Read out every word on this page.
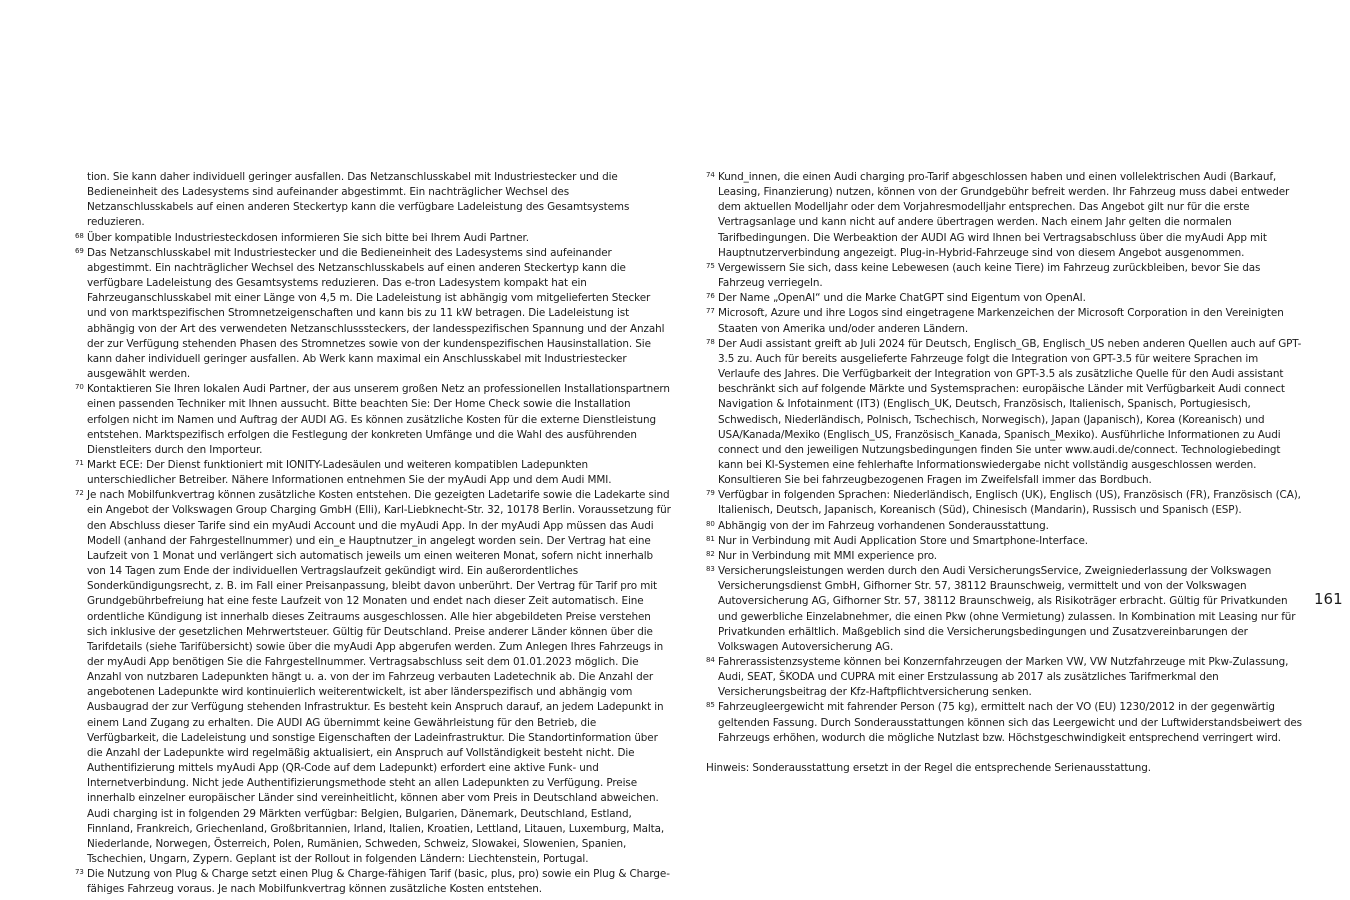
tion. Sie kann daher individuell geringer ausfallen. Das Netzanschlusskabel mit Industriestecker und die Bedieneinheit des Ladesystems sind aufeinander abgestimmt. Ein nachträglicher Wechsel des Netzanschlusskabels auf einen anderen Steckertyp kann die verfügbare Ladeleistung des Gesamtsystems reduzieren.
68 Über kompatible Industriesteckdosen informieren Sie sich bitte bei Ihrem Audi Partner.
69 Das Netzanschlusskabel mit Industriestecker und die Bedieneinheit des Ladesystems sind aufeinander abgestimmt. Ein nachträglicher Wechsel des Netzanschlusskabels auf einen anderen Steckertyp kann die verfügbare Ladeleistung des Gesamtsystems reduzieren. Das e-tron Ladesystem kompakt hat ein Fahrzeuganschlusskabel mit einer Länge von 4,5 m. Die Ladeleistung ist abhängig vom mitgelieferten Stecker und von marktspezifischen Stromnetzeigenschaften und kann bis zu 11 kW betragen. Die Ladeleistung ist abhängig von der Art des verwendeten Netzanschlusssteckers, der landesspezifischen Spannung und der Anzahl der zur Verfügung stehenden Phasen des Stromnetzes sowie von der kundenspezifischen Hausinstallation. Sie kann daher individuell geringer ausfallen. Ab Werk kann maximal ein Anschlusskabel mit Industriestecker ausgewählt werden.
70 Kontaktieren Sie Ihren lokalen Audi Partner, der aus unserem großen Netz an professionellen Installationspartnern einen passenden Techniker mit Ihnen aussucht. Bitte beachten Sie: Der Home Check sowie die Installation erfolgen nicht im Namen und Auftrag der AUDI AG. Es können zusätzliche Kosten für die externe Dienstleistung entstehen. Marktspezifisch erfolgen die Festlegung der konkreten Umfänge und die Wahl des ausführenden Dienstleiters durch den Importeur.
71 Markt ECE: Der Dienst funktioniert mit IONITY-Ladesäulen und weiteren kompatiblen Ladepunkten unterschiedlicher Betreiber. Nähere Informationen entnehmen Sie der myAudi App und dem Audi MMI.
72 Je nach Mobilfunkvertrag können zusätzliche Kosten entstehen. Die gezeigten Ladetarife sowie die Ladekarte sind ein Angebot der Volkswagen Group Charging GmbH (Elli), Karl-Liebknecht-Str. 32, 10178 Berlin. Voraussetzung für den Abschluss dieser Tarife sind ein myAudi Account und die myAudi App. In der myAudi App müssen das Audi Modell (anhand der Fahrgestellnummer) und ein_e Hauptnutzer_in angelegt worden sein. Der Vertrag hat eine Laufzeit von 1 Monat und verlängert sich automatisch jeweils um einen weiteren Monat, sofern nicht innerhalb von 14 Tagen zum Ende der individuellen Vertragslaufzeit gekündigt wird. Ein außerordentliches Sonderkündigungsrecht, z. B. im Fall einer Preisanpassung, bleibt davon unberührt. Der Vertrag für Tarif pro mit Grundgebührbefreiung hat eine feste Laufzeit von 12 Monaten und endet nach dieser Zeit automatisch. Eine ordentliche Kündigung ist innerhalb dieses Zeitraums ausgeschlossen. Alle hier abgebildeten Preise verstehen sich inklusive der gesetzlichen Mehrwertsteuer. Gültig für Deutschland. Preise anderer Länder können über die Tarifdetails (siehe Tarifübersicht) sowie über die myAudi App abgerufen werden. Zum Anlegen Ihres Fahrzeugs in der myAudi App benötigen Sie die Fahrgestellnummer. Vertragsabschluss seit dem 01.01.2023 möglich. Die Anzahl von nutzbaren Ladepunkten hängt u. a. von der im Fahrzeug verbauten Ladetechnik ab. Die Anzahl der angebotenen Ladepunkte wird kontinuierlich weiterentwickelt, ist aber länderspezifisch und abhängig vom Ausbaugrad der zur Verfügung stehenden Infrastruktur. Es besteht kein Anspruch darauf, an jedem Ladepunkt in einem Land Zugang zu erhalten. Die AUDI AG übernimmt keine Gewährleistung für den Betrieb, die Verfügbarkeit, die Ladeleistung und sonstige Eigenschaften der Ladeinfrastruktur. Die Standortinformation über die Anzahl der Ladepunkte wird regelmäßig aktualisiert, ein Anspruch auf Vollständigkeit besteht nicht. Die Authentifizierung mittels myAudi App (QR-Code auf dem Ladepunkt) erfordert eine aktive Funk- und Internetverbindung. Nicht jede Authentifizierungsmethode steht an allen Ladepunkten zu Verfügung. Preise innerhalb einzelner europäischer Länder sind vereinheitlicht, können aber vom Preis in Deutschland abweichen.
Audi charging ist in folgenden 29 Märkten verfügbar: Belgien, Bulgarien, Dänemark, Deutschland, Estland, Finnland, Frankreich, Griechenland, Großbritannien, Irland, Italien, Kroatien, Lettland, Litauen, Luxemburg, Malta, Niederlande, Norwegen, Österreich, Polen, Rumänien, Schweden, Schweiz, Slowakei, Slowenien, Spanien, Tschechien, Ungarn, Zypern. Geplant ist der Rollout in folgenden Ländern: Liechtenstein, Portugal.
73 Die Nutzung von Plug & Charge setzt einen Plug & Charge-fähigen Tarif (basic, plus, pro) sowie ein Plug & Charge-fähiges Fahrzeug voraus. Je nach Mobilfunkvertrag können zusätzliche Kosten entstehen.
74 Kund_innen, die einen Audi charging pro-Tarif abgeschlossen haben und einen vollelektrischen Audi (Barkauf, Leasing, Finanzierung) nutzen, können von der Grundgebühr befreit werden. Ihr Fahrzeug muss dabei entweder dem aktuellen Modelljahr oder dem Vorjahresmodelljahr entsprechen. Das Angebot gilt nur für die erste Vertragsanlage und kann nicht auf andere übertragen werden. Nach einem Jahr gelten die normalen Tarifbedingungen. Die Werbeaktion der AUDI AG wird Ihnen bei Vertragsabschluss über die myAudi App mit Hauptnutzerverbindung angezeigt. Plug-in-Hybrid-Fahrzeuge sind von diesem Angebot ausgenommen.
75 Vergewissern Sie sich, dass keine Lebewesen (auch keine Tiere) im Fahrzeug zurückbleiben, bevor Sie das Fahrzeug verriegeln.
76 Der Name „OpenAI“ und die Marke ChatGPT sind Eigentum von OpenAI.
77 Microsoft, Azure und ihre Logos sind eingetragene Markenzeichen der Microsoft Corporation in den Vereinigten Staaten von Amerika und/oder anderen Ländern.
78 Der Audi assistant greift ab Juli 2024 für Deutsch, Englisch_GB, Englisch_US neben anderen Quellen auch auf GPT-3.5 zu. Auch für bereits ausgelieferte Fahrzeuge folgt die Integration von GPT-3.5 für weitere Sprachen im Verlaufe des Jahres. Die Verfügbarkeit der Integration von GPT-3.5 als zusätzliche Quelle für den Audi assistant beschränkt sich auf folgende Märkte und Systemsprachen: europäische Länder mit Verfügbarkeit Audi connect Navigation & Infotainment (IT3) (Englisch_UK, Deutsch, Französisch, Italienisch, Spanisch, Portugiesisch, Schwedisch, Niederländisch, Polnisch, Tschechisch, Norwegisch), Japan (Japanisch), Korea (Koreanisch) und USA/Kanada/Mexiko (Englisch_US, Französisch_Kanada, Spanisch_Mexiko). Ausführliche Informationen zu Audi connect und den jeweiligen Nutzungsbedingungen finden Sie unter www.audi.de/connect. Technologiebedingt kann bei KI-Systemen eine fehlerhafte Informationswiedergabe nicht vollständig ausgeschlossen werden. Konsultieren Sie bei fahrzeugbezogenen Fragen im Zweifelsfall immer das Bordbuch.
79 Verfügbar in folgenden Sprachen: Niederländisch, Englisch (UK), Englisch (US), Französisch (FR), Französisch (CA), Italienisch, Deutsch, Japanisch, Koreanisch (Süd), Chinesisch (Mandarin), Russisch und Spanisch (ESP).
80 Abhängig von der im Fahrzeug vorhandenen Sonderausstattung.
81 Nur in Verbindung mit Audi Application Store und Smartphone-Interface.
82 Nur in Verbindung mit MMI experience pro.
83 Versicherungsleistungen werden durch den Audi VersicherungsService, Zweigniederlassung der Volkswagen Versicherungsdienst GmbH, Gifhorner Str. 57, 38112 Braunschweig, vermittelt und von der Volkswagen Autoversicherung AG, Gifhorner Str. 57, 38112 Braunschweig, als Risikoträger erbracht. Gültig für Privatkunden und gewerbliche Einzelabnehmer, die einen Pkw (ohne Vermietung) zulassen. In Kombination mit Leasing nur für Privatkunden erhältlich. Maßgeblich sind die Versicherungsbedingungen und Zusatzvereinbarungen der Volkswagen Autoversicherung AG.
84 Fahrerassistenzsysteme können bei Konzernfahrzeugen der Marken VW, VW Nutzfahrzeuge mit Pkw-Zulassung, Audi, SEAT, ŠKODA und CUPRA mit einer Erstzulassung ab 2017 als zusätzliches Tarifmerkmal den Versicherungsbeitrag der Kfz-Haftpflichtversicherung senken.
85 Fahrzeugleergewicht mit fahrender Person (75 kg), ermittelt nach der VO (EU) 1230/2012 in der gegenwärtig geltenden Fassung. Durch Sonderausstattungen können sich das Leergewicht und der Luftwiderstandsbeiwert des Fahrzeugs erhöhen, wodurch die mögliche Nutzlast bzw. Höchstgeschwindigkeit entsprechend verringert wird.
Hinweis: Sonderausstattung ersetzt in der Regel die entsprechende Serienausstattung.
161
